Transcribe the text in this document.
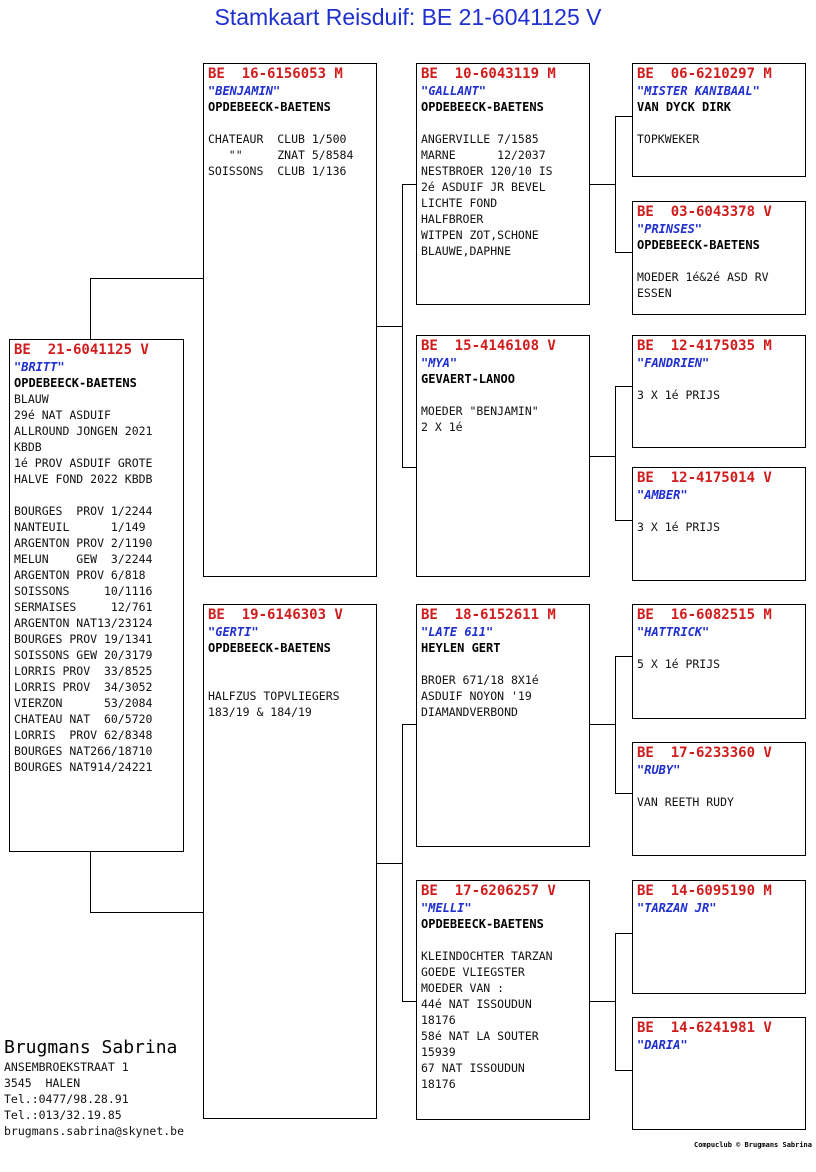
Stamkaart Reisduif: BE 21-6041125 V
BE  21-6041125 V
"BRITT"
OPDEBEECK-BAETENS
BLAUW
29é NAT ASDUIF
ALLROUND JONGEN 2021
KBDB
1é PROV ASDUIF GROTE
HALVE FOND 2022 KBDB

BOURGES  PROV 1/2244
NANTEUIL      1/149
ARGENTON PROV 2/1190
MELUN    GEW  3/2244
ARGENTON PROV 6/818
SOISSONS     10/1116
SERMAISES     12/761
ARGENTON NAT13/23124
BOURGES PROV 19/1341
SOISSONS GEW 20/3179
LORRIS PROV  33/8525
LORRIS PROV  34/3052
VIERZON      53/2084
CHATEAU NAT  60/5720
LORRIS  PROV 62/8348
BOURGES NAT266/18710
BOURGES NAT914/24221
BE  16-6156053 M
"BENJAMIN"
OPDEBEECK-BAETENS
CHATEAUR  CLUB 1/500
""     ZNAT 5/8584
SOISSONS  CLUB 1/136
BE  19-6146303 V
"GERTI"
OPDEBEECK-BAETENS

HALFZUS TOPVLIEGERS
183/19 & 184/19
BE  10-6043119 M
"GALLANT"
OPDEBEECK-BAETENS
ANGERVILLE 7/1585
MARNE      12/2037
NESTBROER 120/10 IS
2é ASDUIF JR BEVEL
LICHTE FOND
HALFBROER
WITPEN ZOT,SCHONE
BLAUWE,DAPHNE
BE  15-4146108 V
"MYA"
GEVAERT-LANOO
MOEDER "BENJAMIN"
2 X 1é
BE  18-6152611 M
"LATE 611"
HEYLEN GERT
BROER 671/18 8X1é
ASDUIF NOYON '19
DIAMANDVERBOND
BE  17-6206257 V
"MELLI"
OPDEBEECK-BAETENS
KLEINDOCHTER TARZAN
GOEDE VLIEGSTER
MOEDER VAN :
44é NAT ISSOUDUN
18176
58é NAT LA SOUTER
15939
67 NAT ISSOUDUN
18176
BE  06-6210297 M
"MISTER KANIBAAL"
VAN DYCK DIRK
TOPKWEKER
BE  03-6043378 V
"PRINSES"
OPDEBEECK-BAETENS
MOEDER 1é&2é ASD RV
ESSEN
BE  12-4175035 M
"FANDRIEN"
3 X 1é PRIJS
BE  12-4175014 V
"AMBER"
3 X 1é PRIJS
BE  16-6082515 M
"HATTRICK"
5 X 1é PRIJS
BE  17-6233360 V
"RUBY"
VAN REETH RUDY
BE  14-6095190 M
"TARZAN JR"
BE  14-6241981 V
"DARIA"
Brugmans Sabrina
ANSEMBROEKSTRAAT 1
3545  HALEN
Tel.:0477/98.28.91
Tel.:013/32.19.85
brugmans.sabrina@skynet.be
Compuclub © Brugmans Sabrina
